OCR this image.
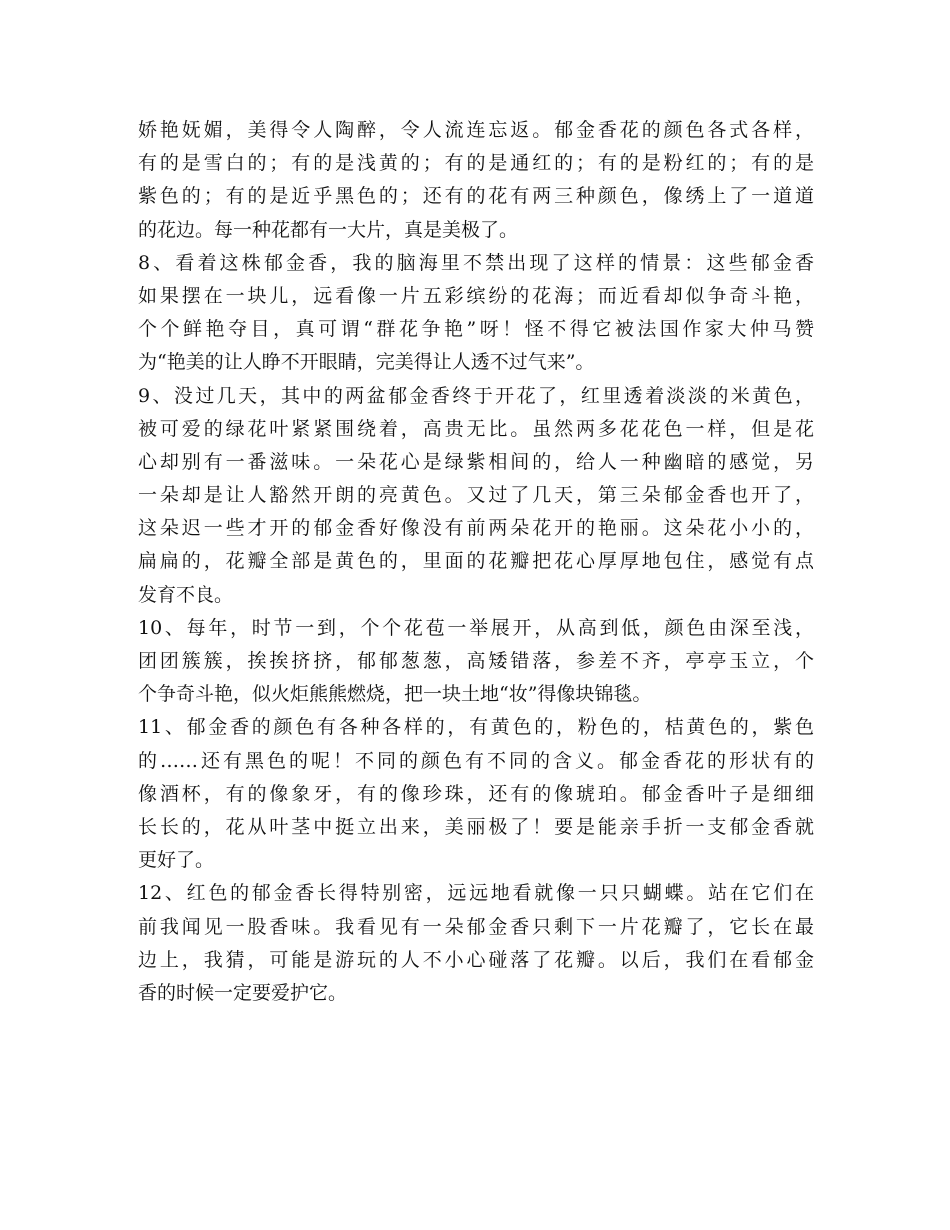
娇艳妩媚，美得令人陶醉，令人流连忘返。郁金香花的颜色各式各样，
有的是雪白的；有的是浅黄的；有的是通红的；有的是粉红的；有的是
紫色的；有的是近乎黑色的；还有的花有两三种颜色，像绣上了一道道
的花边。每一种花都有一大片，真是美极了。
8、看着这株郁金香，我的脑海里不禁出现了这样的情景：这些郁金香
如果摆在一块儿，远看像一片五彩缤纷的花海；而近看却似争奇斗艳，
个个鲜艳夺目，真可谓“群花争艳”呀！怪不得它被法国作家大仲马赞
为“艳美的让人睁不开眼睛，完美得让人透不过气来”。
9、没过几天，其中的两盆郁金香终于开花了，红里透着淡淡的米黄色，
被可爱的绿花叶紧紧围绕着，高贵无比。虽然两多花花色一样，但是花
心却别有一番滋味。一朵花心是绿紫相间的，给人一种幽暗的感觉，另
一朵却是让人豁然开朗的亮黄色。又过了几天，第三朵郁金香也开了，
这朵迟一些才开的郁金香好像没有前两朵花开的艳丽。这朵花小小的，
扁扁的，花瓣全部是黄色的，里面的花瓣把花心厚厚地包住，感觉有点
发育不良。
10、每年，时节一到，个个花苞一举展开，从高到低，颜色由深至浅，
团团簇簇，挨挨挤挤，郁郁葱葱，高矮错落，参差不齐，亭亭玉立，个
个争奇斗艳，似火炬熊熊燃烧，把一块土地“妆”得像块锦毯。
11、郁金香的颜色有各种各样的，有黄色的，粉色的，桔黄色的，紫色
的……还有黑色的呢！不同的颜色有不同的含义。郁金香花的形状有的
像酒杯，有的像象牙，有的像珍珠，还有的像琥珀。郁金香叶子是细细
长长的，花从叶茎中挺立出来，美丽极了！要是能亲手折一支郁金香就
更好了。
12、红色的郁金香长得特别密，远远地看就像一只只蝴蝶。站在它们在
前我闻见一股香味。我看见有一朵郁金香只剩下一片花瓣了，它长在最
边上，我猜，可能是游玩的人不小心碰落了花瓣。以后，我们在看郁金
香的时候一定要爱护它。
